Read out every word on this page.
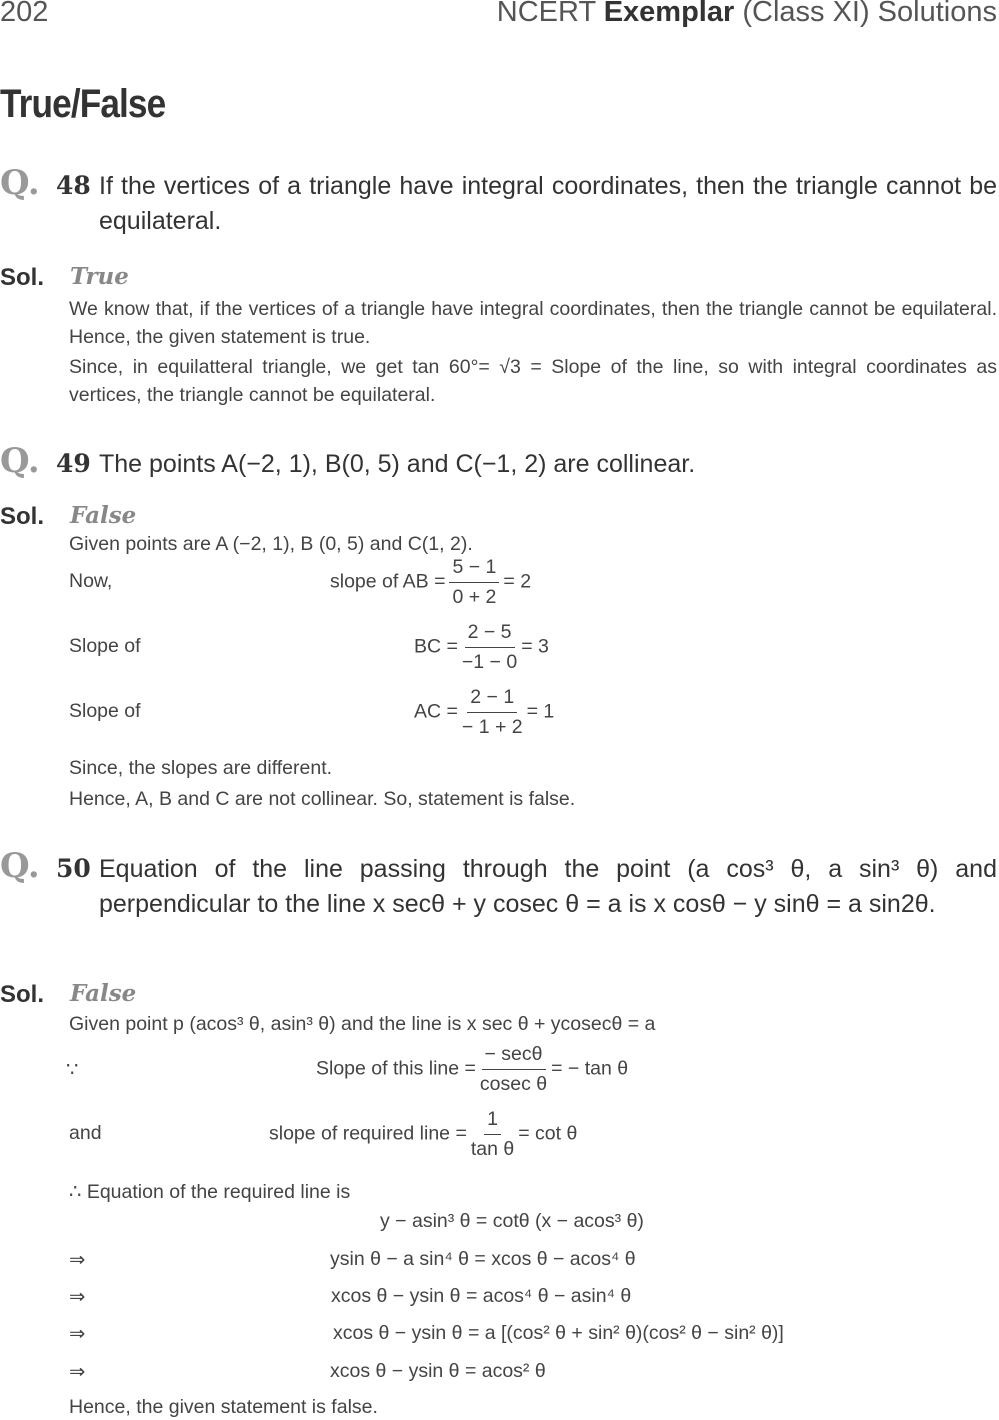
202	NCERT Exemplar (Class XI) Solutions
True/False
Q. 48 If the vertices of a triangle have integral coordinates, then the triangle cannot be equilateral.
Sol. True
We know that, if the vertices of a triangle have integral coordinates, then the triangle cannot be equilateral. Hence, the given statement is true.
Since, in equilatteral triangle, we get tan 60°= √3 = Slope of the line, so with integral coordinates as vertices, the triangle cannot be equilateral.
Q. 49 The points A(−2, 1), B(0, 5) and C(−1, 2) are collinear.
Sol. False
Given points are A (−2, 1), B (0, 5) and C(1, 2).
Now,	slope of AB = $\frac{5 - 1}{0 + 2} = 2$
Slope of	BC = $\frac{2 - 5}{-1 - 0} = 3$
Slope of	AC = $\frac{2 - 1}{- 1 + 2} = 1$
Since, the slopes are different.
Hence, A, B and C are not collinear. So, statement is false.
Q. 50 Equation of the line passing through the point (a cos³ θ, a sin³ θ) and perpendicular to the line x secθ + y cosec θ = a is x cosθ − y sinθ = a sin2θ.
Sol. False
Given point p (acos³ θ, asin³ θ) and the line is x sec θ + ycosecθ = a
∵	Slope of this line = $\frac{- \sec\theta}{\text{cosec θ}}$ = − tan θ
and	slope of required line = $\frac{1}{\text{tan θ}} = \cot \theta$
∴ Equation of the required line is
y − asin³ θ = cotθ (x − acos³ θ)
⇒	ysin θ − a sin⁴ θ = xcos θ − acos⁴ θ
⇒	xcos θ − ysin θ = acos⁴ θ − asin⁴ θ
⇒	xcos θ − ysin θ = a [(cos² θ + sin² θ)(cos² θ − sin² θ)]
⇒	xcos θ − ysin θ = acos² θ
Hence, the given statement is false.
